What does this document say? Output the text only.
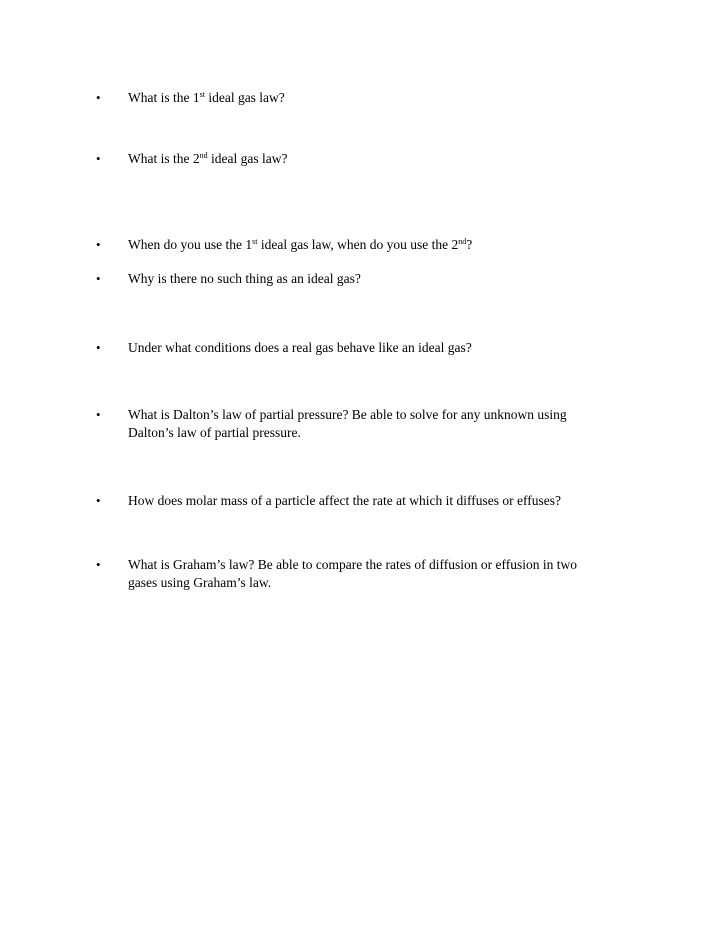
•	What is the 1st ideal gas law?
•	What is the 2nd ideal gas law?
•	When do you use the 1st ideal gas law, when do you use the 2nd?
•	Why is there no such thing as an ideal gas?
•	Under what conditions does a real gas behave like an ideal gas?
•	What is Dalton’s law of partial pressure? Be able to solve for any unknown using
Dalton’s law of partial pressure.
•	How does molar mass of a particle affect the rate at which it diffuses or effuses?
•	What is Graham’s law? Be able to compare the rates of diffusion or effusion in two
gases using Graham’s law.
